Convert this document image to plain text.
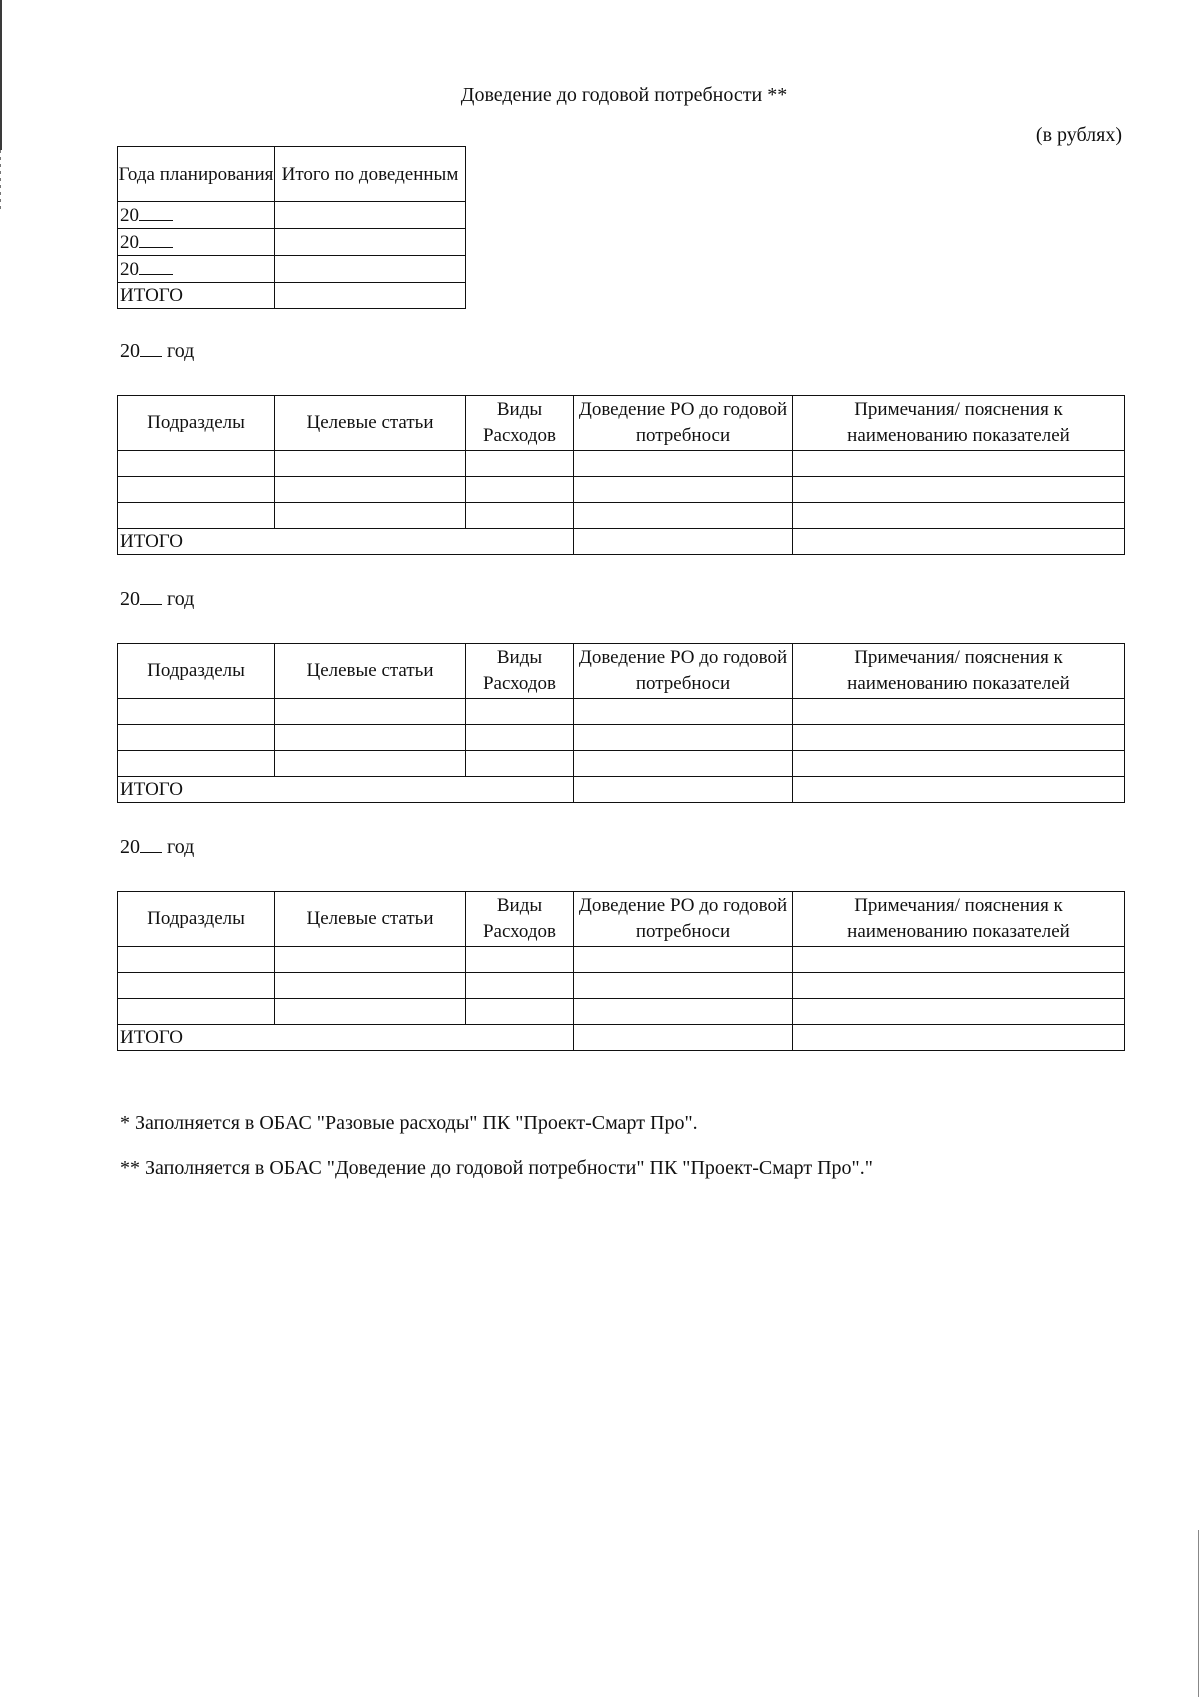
Доведение до годовой потребности **
(в рублях)
Года планирования	Итого по доведенным
20	
20	
20	
ИТОГО	
20 год
Подразделы	Целевые статьи	Виды Расходов	Доведение РО до годовой потребноси	Примечания/ пояснения к наименованию показателей

ИТОГО				
20 год
Подразделы	Целевые статьи	Виды Расходов	Доведение РО до годовой потребноси	Примечания/ пояснения к наименованию показателей

ИТОГО				
20 год
Подразделы	Целевые статьи	Виды Расходов	Доведение РО до годовой потребноси	Примечания/ пояснения к наименованию показателей

ИТОГО				
* Заполняется в ОБАС "Разовые расходы" ПК "Проект-Смарт Про".
** Заполняется в ОБАС "Доведение до годовой потребности" ПК "Проект-Смарт Про"."
